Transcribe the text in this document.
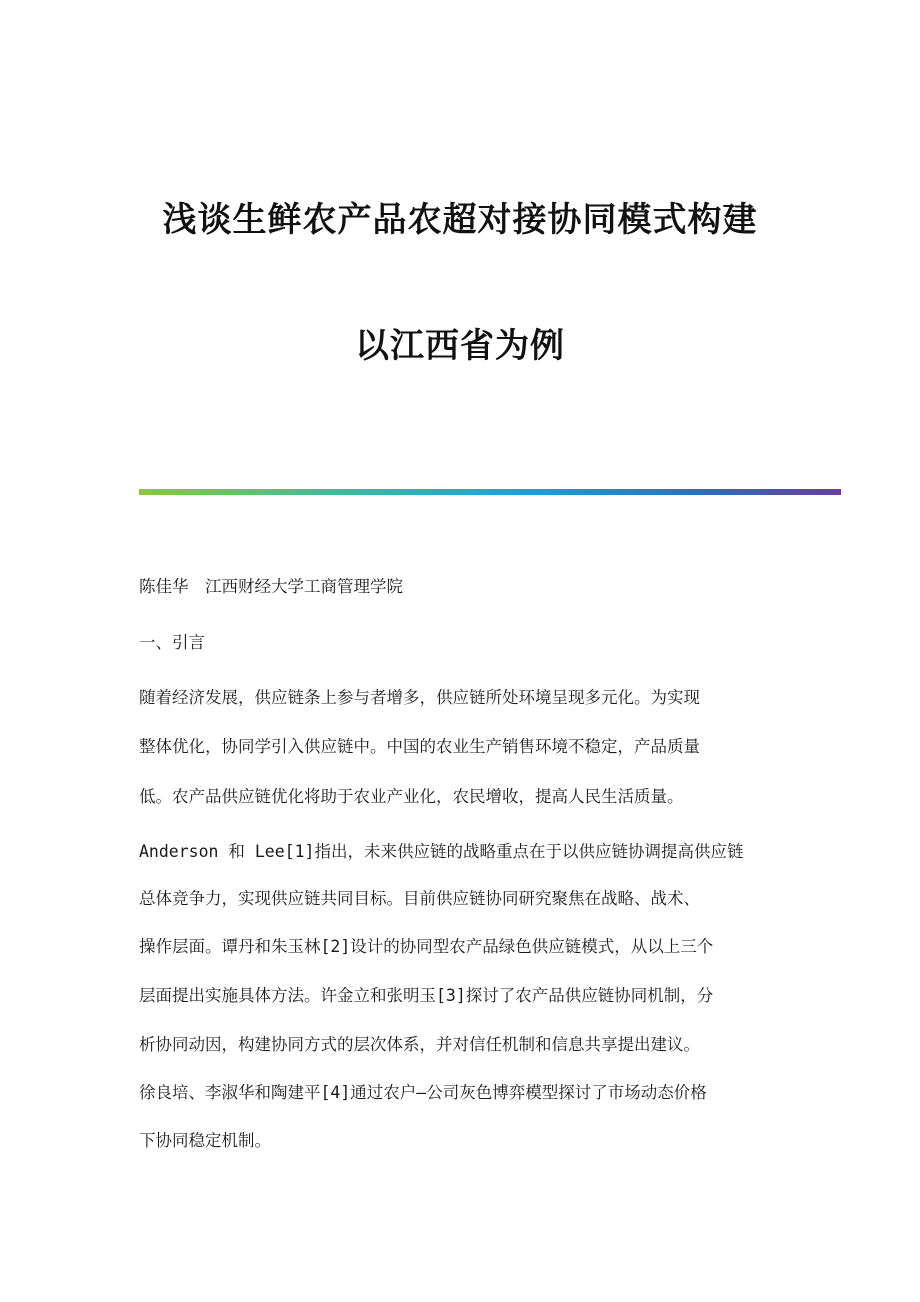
浅谈生鲜农产品农超对接协同模式构建
以江西省为例
陈佳华　江西财经大学工商管理学院
一、引言
随着经济发展，供应链条上参与者增多，供应链所处环境呈现多元化。为实现
整体优化，协同学引入供应链中。中国的农业生产销售环境不稳定，产品质量
低。农产品供应链优化将助于农业产业化，农民增收，提高人民生活质量。
Anderson 和 Lee[1]指出，未来供应链的战略重点在于以供应链协调提高供应链
总体竞争力，实现供应链共同目标。目前供应链协同研究聚焦在战略、战术、
操作层面。谭丹和朱玉林[2]设计的协同型农产品绿色供应链模式，从以上三个
层面提出实施具体方法。许金立和张明玉[3]探讨了农产品供应链协同机制，分
析协同动因，构建协同方式的层次体系，并对信任机制和信息共享提出建议。
徐良培、李淑华和陶建平[4]通过农户—公司灰色博弈模型探讨了市场动态价格
下协同稳定机制。
